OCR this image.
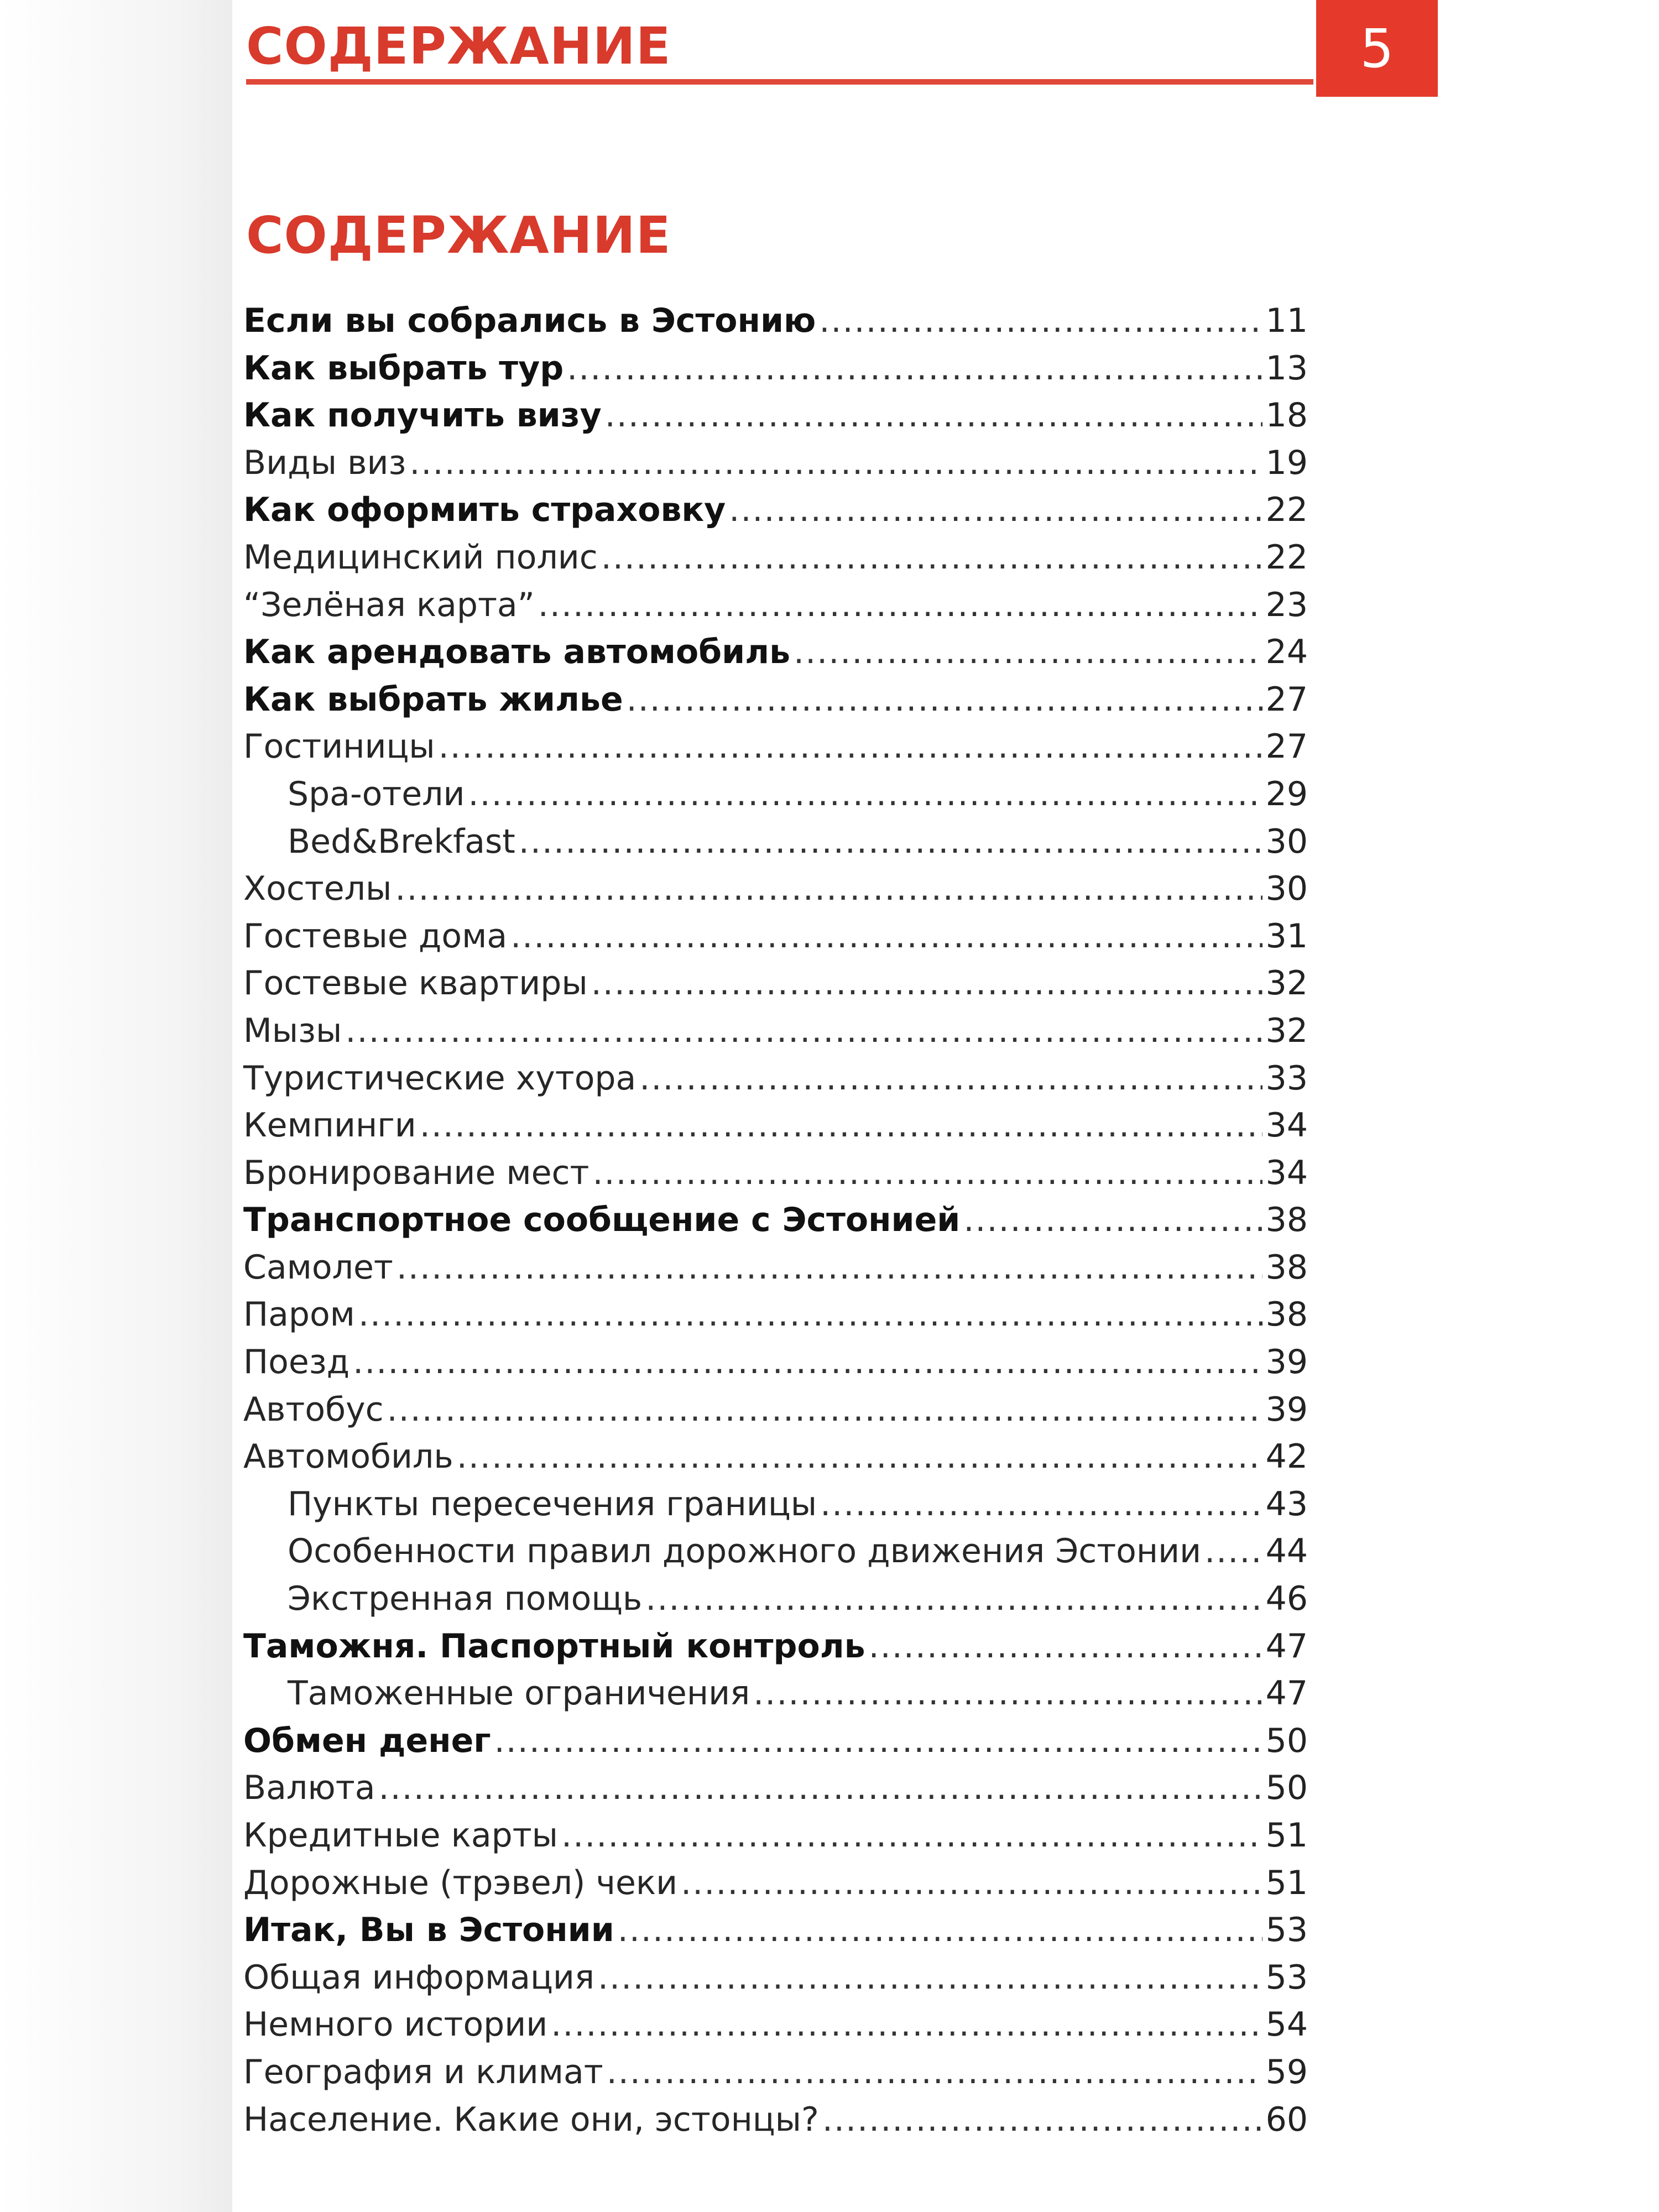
СОДЕРЖАНИЕ	5
СОДЕРЖАНИЕ
Если вы собрались в Эстонию .....	11
Как выбрать тур .....	13
Как получить визу .....	18
Виды виз .....	19
Как оформить страховку .....	22
Медицинский полис .....	22
“Зелёная карта” .....	23
Как арендовать автомобиль .....	24
Как выбрать жилье .....	27
Гостиницы .....	27
Spa-отели .....	29
Bed&Brekfast .....	30
Хостелы .....	30
Гостевые дома .....	31
Гостевые квартиры .....	32
Мызы .....	32
Туристические хутора .....	33
Кемпинги .....	34
Бронирование мест .....	34
Транспортное сообщение с Эстонией .....	38
Самолет .....	38
Паром .....	38
Поезд .....	39
Автобус .....	39
Автомобиль .....	42
Пункты пересечения границы .....	43
Особенности правил дорожного движения Эстонии ..... 44
Экстренная помощь .....	46
Таможня. Паспортный контроль .....	47
Таможенные ограничения .....	47
Обмен денег .....	50
Валюта .....	50
Кредитные карты .....	51
Дорожные (трэвел) чеки .....	51
Итак, Вы в Эстонии .....	53
Общая информация .....	53
Немного истории .....	54
География и климат .....	59
Население. Какие они, эстонцы? .....	60
